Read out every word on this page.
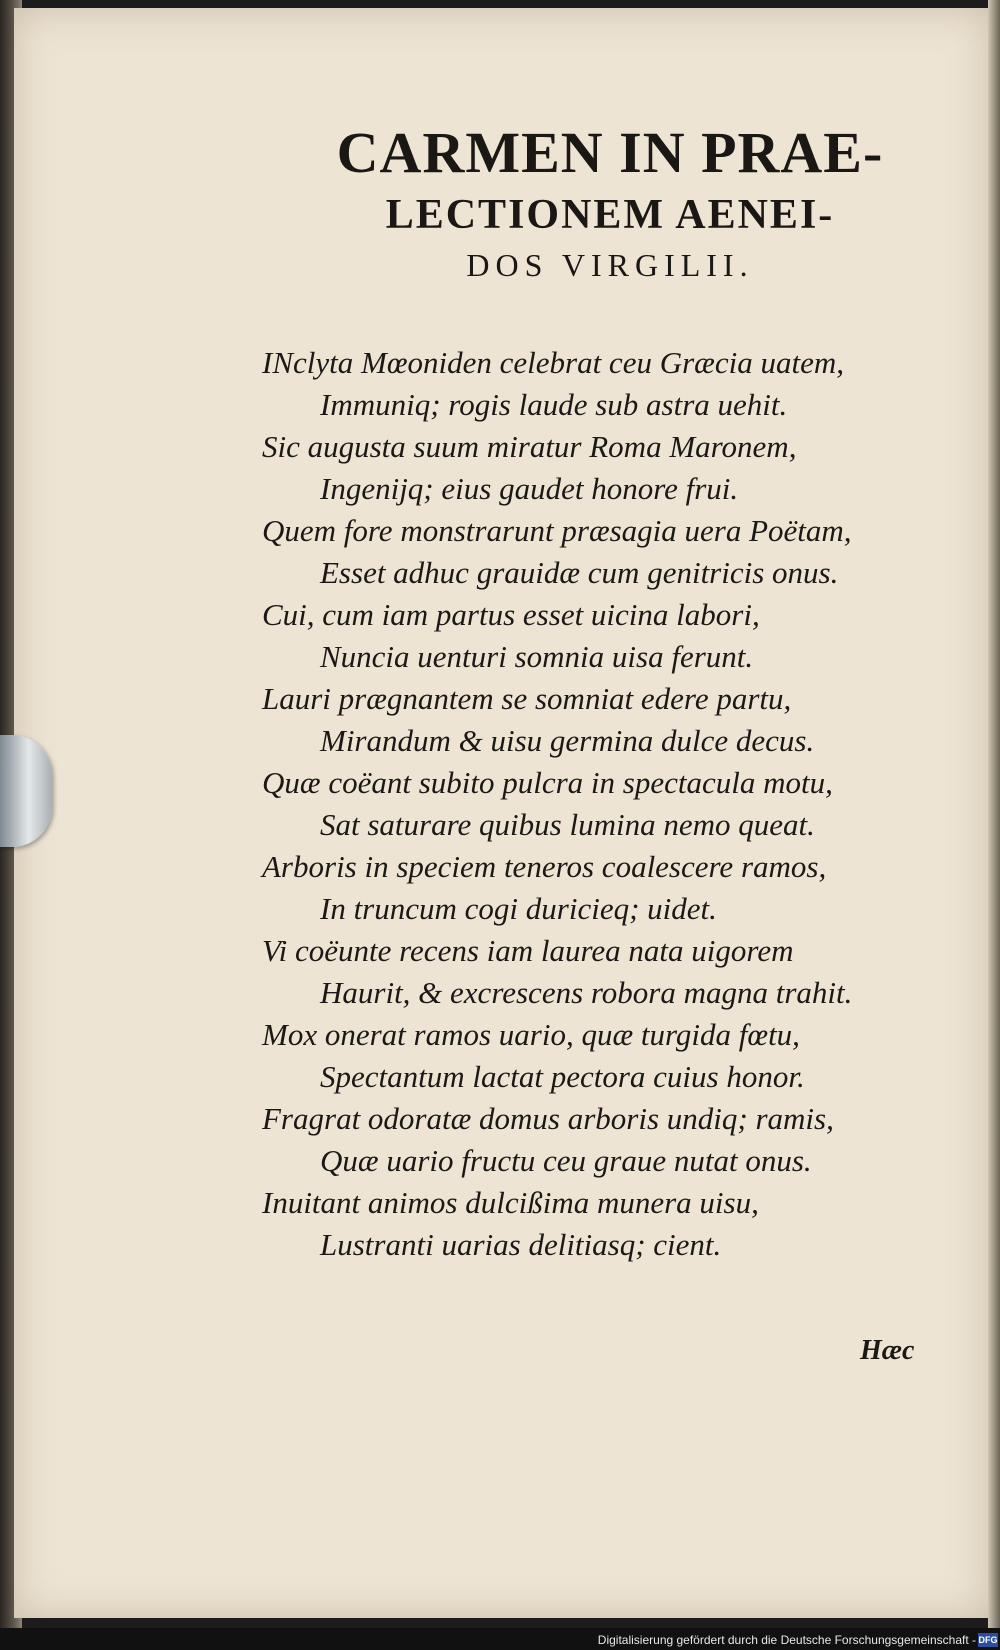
CARMEN IN PRAE-
LECTIONEM AENEI-
DOS VIRGILII.
INclyta Mœoniden celebrat ceu Græcia uatem,
Immuniq; rogis laude sub astra uehit.
Sic augusta suum miratur Roma Maronem,
Ingenijq; eius gaudet honore frui.
Quem fore monstrarunt præsagia uera Poëtam,
Esset adhuc grauidæ cum genitricis onus.
Cui, cum iam partus esset uicina labori,
Nuncia uenturi somnia uisa ferunt.
Lauri prægnantem se somniat edere partu,
Mirandum & uisu germina dulce decus.
Quæ coëant subito pulcra in spectacula motu,
Sat saturare quibus lumina nemo queat.
Arboris in speciem teneros coalescere ramos,
In truncum cogi duricieq; uidet.
Vi coëunte recens iam laurea nata uigorem
Haurit, & excrescens robora magna trahit.
Mox onerat ramos uario, quæ turgida fœtu,
Spectantum lactat pectora cuius honor.
Fragrat odoratæ domus arboris undiq; ramis,
Quæ uario fructu ceu graue nutat onus.
Inuitant animos dulcißima munera uisu,
Lustranti uarias delitiasq; cient.
Hæc
Digitalisierung gefördert durch die Deutsche Forschungsgemeinschaft - DFG
